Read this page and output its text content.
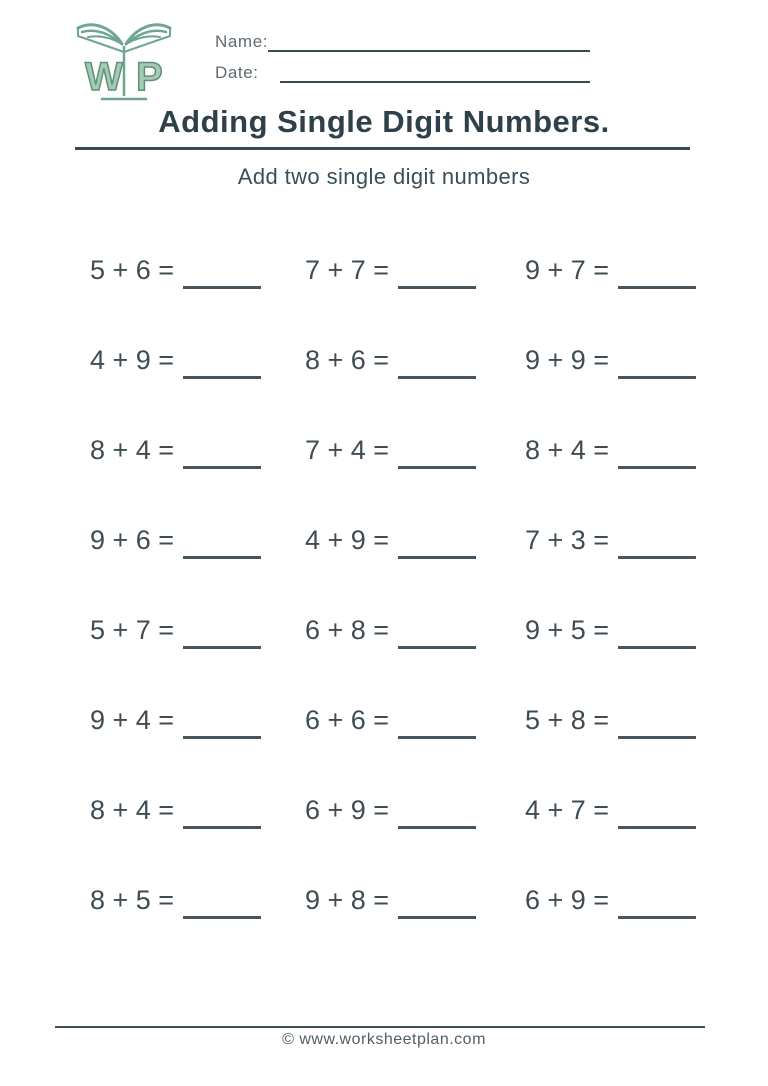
W P
Name:
Date:
Adding Single Digit Numbers.
Add two single digit numbers
5 + 6 =	7 + 7 =	9 + 7 =
4 + 9 =	8 + 6 =	9 + 9 =
8 + 4 =	7 + 4 =	8 + 4 =
9 + 6 =	4 + 9 =	7 + 3 =
5 + 7 =	6 + 8 =	9 + 5 =
9 + 4 =	6 + 6 =	5 + 8 =
8 + 4 =	6 + 9 =	4 + 7 =
8 + 5 =	9 + 8 =	6 + 9 =
© www.worksheetplan.com
